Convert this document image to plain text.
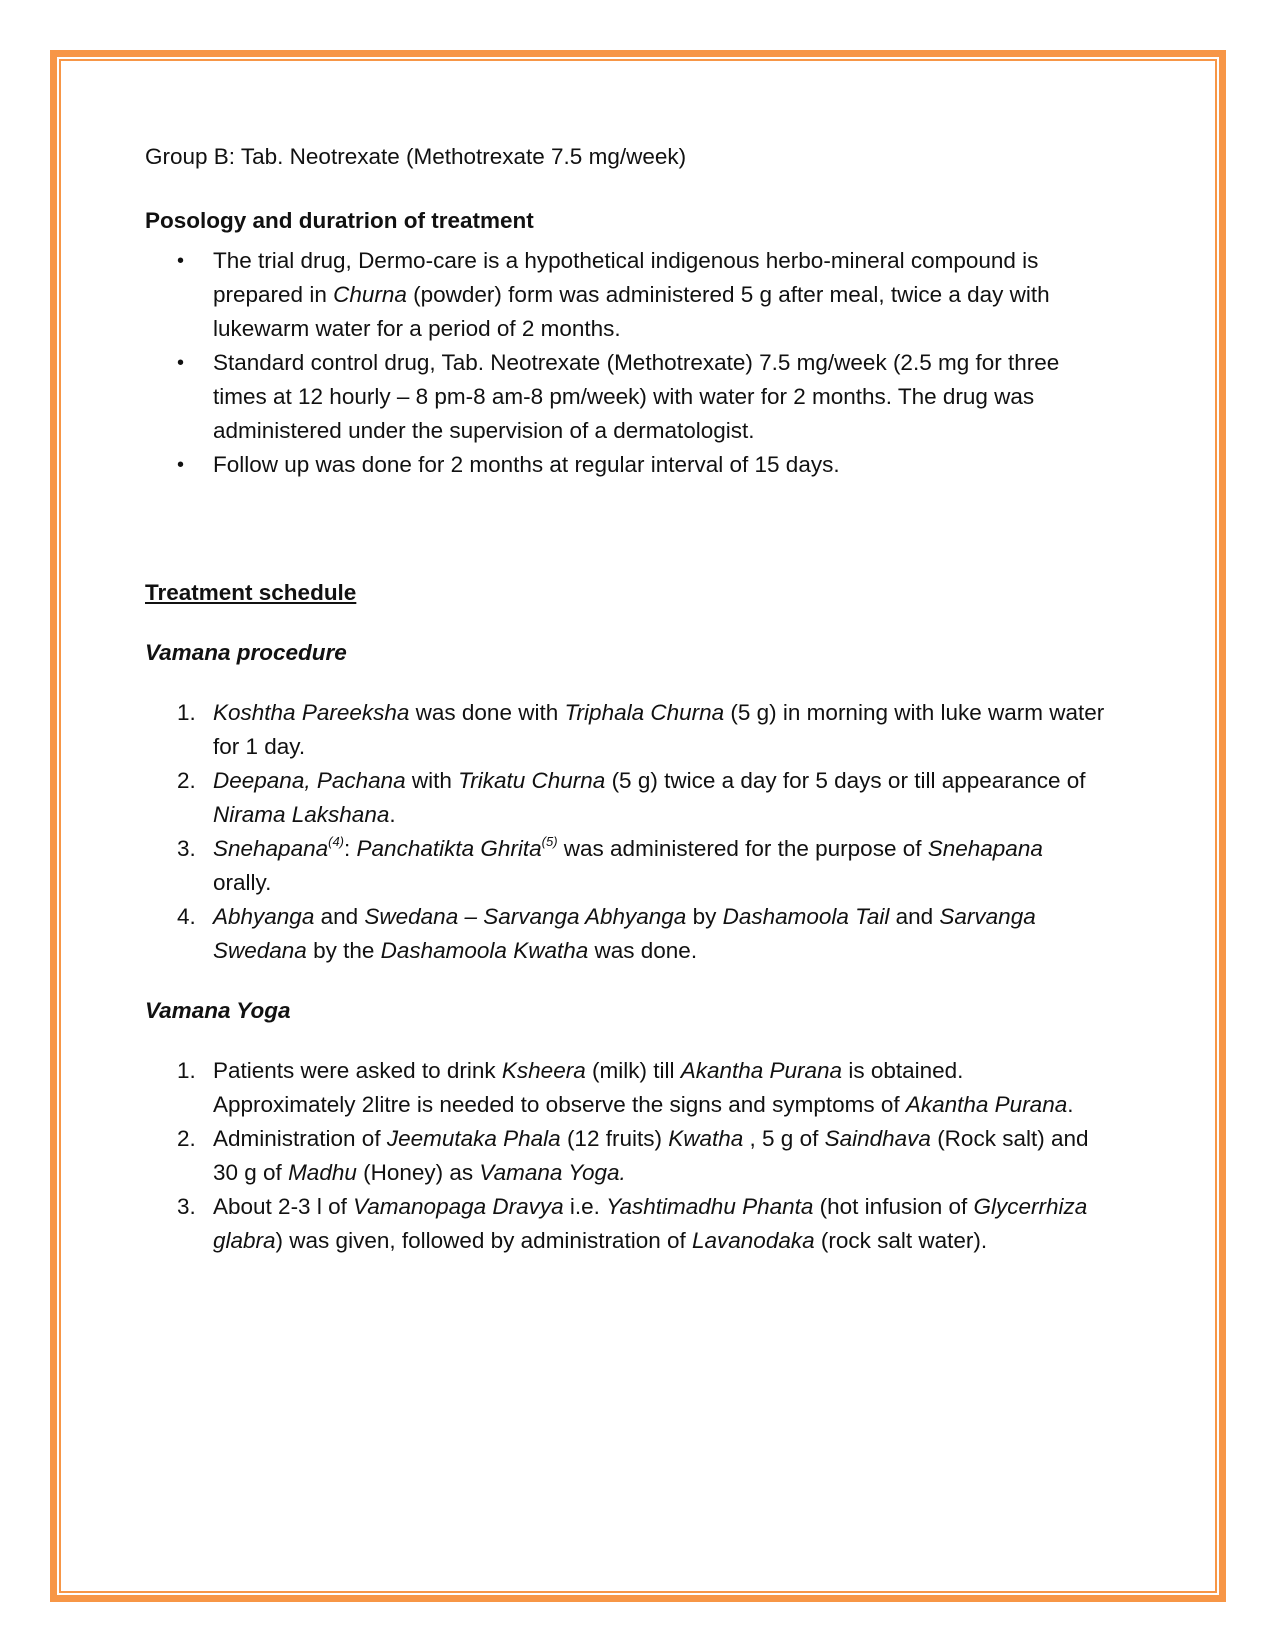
Group B: Tab. Neotrexate (Methotrexate 7.5 mg/week)

Posology and duratrion of treatment

• The trial drug, Dermo-care is a hypothetical indigenous herbo-mineral compound is prepared in Churna (powder) form was administered 5 g after meal, twice a day with lukewarm water for a period of 2 months.
• Standard control drug, Tab. Neotrexate (Methotrexate) 7.5 mg/week (2.5 mg for three times at 12 hourly – 8 pm-8 am-8 pm/week) with water for 2 months. The drug was administered under the supervision of a dermatologist.
• Follow up was done for 2 months at regular interval of 15 days.

Treatment schedule

Vamana procedure

1. Koshtha Pareeksha was done with Triphala Churna (5 g) in morning with luke warm water for 1 day.
2. Deepana, Pachana with Trikatu Churna (5 g) twice a day for 5 days or till appearance of Nirama Lakshana.
3. Snehapana$^{(4)}$: Panchatikta Ghrita$^{(5)}$ was administered for the purpose of Snehapana orally.
4. Abhyanga and Swedana – Sarvanga Abhyanga by Dashamoola Tail and Sarvanga Swedana by the Dashamoola Kwatha was done.

Vamana Yoga

1. Patients were asked to drink Ksheera (milk) till Akantha Purana is obtained. Approximately 2litre is needed to observe the signs and symptoms of Akantha Purana.
2. Administration of Jeemutaka Phala (12 fruits) Kwatha , 5 g of Saindhava (Rock salt) and 30 g of Madhu (Honey) as Vamana Yoga.
3. About 2-3 l of Vamanopaga Dravya i.e. Yashtimadhu Phanta (hot infusion of Glycerrhiza glabra) was given, followed by administration of Lavanodaka (rock salt water).
